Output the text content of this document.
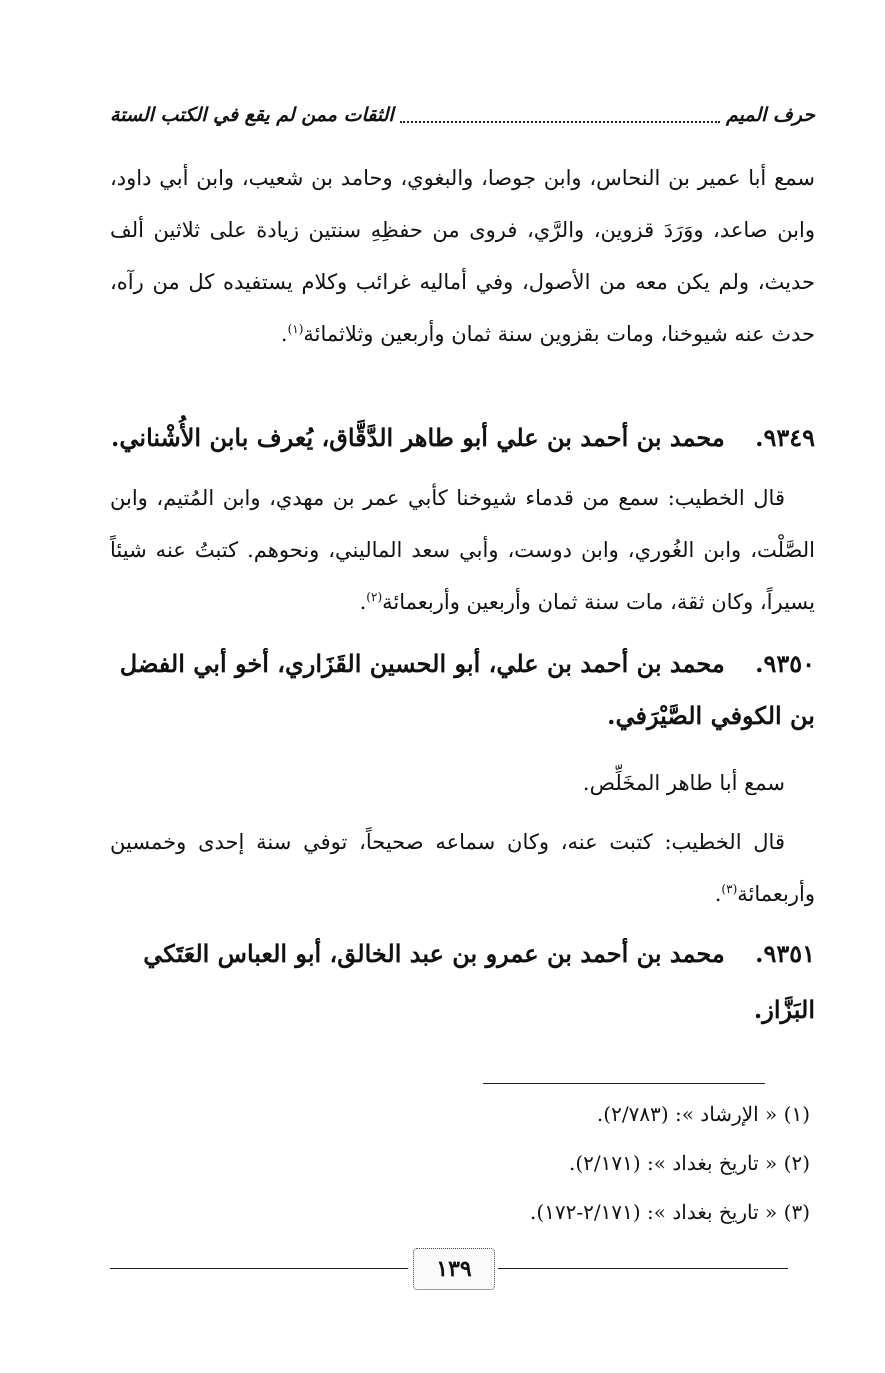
حرف الميم
الثقات ممن لم يقع في الكتب الستة
سمع أبا عمير بن النحاس، وابن جوصا، والبغوي، وحامد بن شعيب، وابن أبي داود، وابن صاعد، ووَرَدَ قزوين، والرَّي، فروى من حفظِهِ سنتين زيادة على ثلاثين ألف حديث، ولم يكن معه من الأصول، وفي أماليه غرائب وكلام يستفيده كل من رآه، حدث عنه شيوخنا، ومات بقزوين سنة ثمان وأربعين وثلاثمائة$^{(١)}$.
٩٣٤٩. محمد بن أحمد بن علي أبو طاهر الدَّقَّاق، يُعرف بابن الأُشْناني.
قال الخطيب: سمع من قدماء شيوخنا كأبي عمر بن مهدي، وابن المُتيم، وابن الصَّلْت، وابن الغُوري، وابن دوست، وأبي سعد الماليني، ونحوهم. كتبتُ عنه شيئاً يسيراً، وكان ثقة، مات سنة ثمان وأربعين وأربعمائة$^{(٢)}$.
٩٣٥٠. محمد بن أحمد بن علي، أبو الحسين القَزَاري، أخو أبي الفضل بن الكوفي الصَّيْرَفي.
سمع أبا طاهر المخَلِّص.
قال الخطيب: كتبت عنه، وكان سماعه صحيحاً، توفي سنة إحدى وخمسين وأربعمائة$^{(٣)}$.
٩٣٥١. محمد بن أحمد بن عمرو بن عبد الخالق، أبو العباس العَتَكي البَزَّاز.
(١) « الإرشاد »: (٢/٧٨٣).
(٢) « تاريخ بغداد »: (٢/١٧١).
(٣) « تاريخ بغداد »: (٢/١٧١-١٧٢).
١٣٩
